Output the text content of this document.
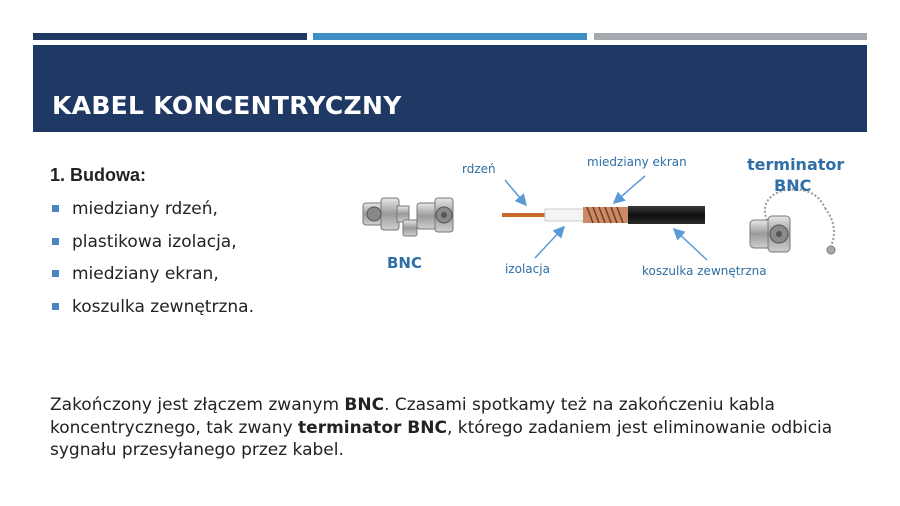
KABEL KONCENTRYCZNY
1. Budowa:
miedziany rdzeń,
plastikowa izolacja,
miedziany ekran,
koszulka zewnętrzna.
BNC
rdzeń	miedziany ekran
izolacja	koszulka zewnętrzna
terminator
BNC

Zakończony jest złączem zwanym BNC. Czasami spotkamy też na zakończeniu kabla koncentrycznego, tak zwany terminator BNC, którego zadaniem jest eliminowanie odbicia sygnału przesyłanego przez kabel.
